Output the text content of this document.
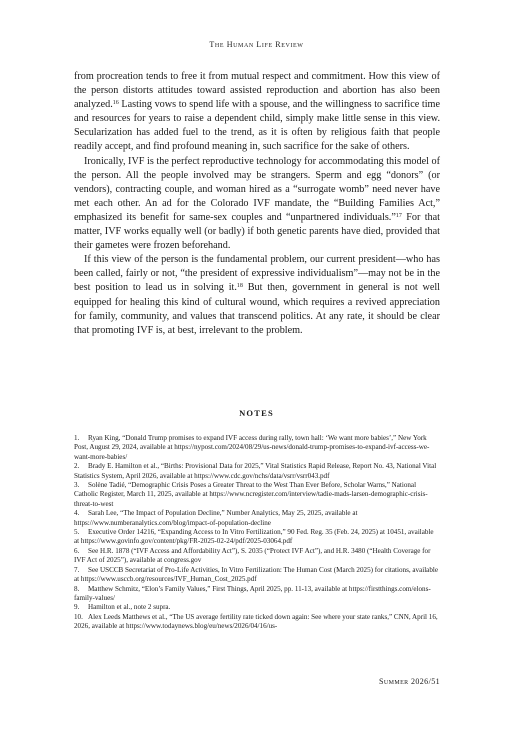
The Human Life Review

from procreation tends to free it from mutual respect and commitment. How this view of the person distorts attitudes toward assisted reproduction and abortion has also been analyzed.$^{16}$ Lasting vows to spend life with a spouse, and the willingness to sacrifice time and resources for years to raise a dependent child, simply make little sense in this view. Secularization has added fuel to the trend, as it is often by religious faith that people readily accept, and find profound meaning in, such sacrifice for the sake of others.

Ironically, IVF is the perfect reproductive technology for accommodating this model of the person. All the people involved may be strangers. Sperm and egg “donors” (or vendors), contracting couple, and woman hired as a “surrogate womb” need never have met each other. An ad for the Colorado IVF mandate, the “Building Families Act,” emphasized its benefit for same-sex couples and “unpartnered individuals.”$^{17}$ For that matter, IVF works equally well (or badly) if both genetic parents have died, provided that their gametes were frozen beforehand.

If this view of the person is the fundamental problem, our current president—who has been called, fairly or not, “the president of expressive individualism”—may not be in the best position to lead us in solving it.$^{18}$ But then, government in general is not well equipped for healing this kind of cultural wound, which requires a revived appreciation for family, community, and values that transcend politics. At any rate, it should be clear that promoting IVF is, at best, irrelevant to the problem.

NOTES

1. Ryan King, “Donald Trump promises to expand IVF access during rally, town hall: ‘We want more babies’,” New York Post, August 29, 2024, available at https://nypost.com/2024/08/29/us-news/donald-trump-promises-to-expand-ivf-access-we-want-more-babies/

2. Brady E. Hamilton et al., “Births: Provisional Data for 2025,” Vital Statistics Rapid Release, Report No. 43, National Vital Statistics System, April 2026, available at https://www.cdc.gov/nchs/data/vsrr/vsrr043.pdf

3. Solène Tadié, “Demographic Crisis Poses a Greater Threat to the West Than Ever Before, Scholar Warns,” National Catholic Register, March 11, 2025, available at https://www.ncregister.com/interview/tadie-mads-larsen-demographic-crisis-threat-to-west

4. Sarah Lee, “The Impact of Population Decline,” Number Analytics, May 25, 2025, available at https://www.numberanalytics.com/blog/impact-of-population-decline

5. Executive Order 14216, “Expanding Access to In Vitro Fertilization,” 90 Fed. Reg. 35 (Feb. 24, 2025) at 10451, available at https://www.govinfo.gov/content/pkg/FR-2025-02-24/pdf/2025-03064.pdf

6. See H.R. 1878 (“IVF Access and Affordability Act”), S. 2035 (“Protect IVF Act”), and H.R. 3480 (“Health Coverage for IVF Act of 2025”), available at congress.gov

7. See USCCB Secretariat of Pro-Life Activities, In Vitro Fertilization: The Human Cost (March 2025) for citations, available at https://www.usccb.org/resources/IVF_Human_Cost_2025.pdf

8. Matthew Schmitz, “Elon’s Family Values,” First Things, April 2025, pp. 11-13, available at https://firstthings.com/elons-family-values/

9. Hamilton et al., note 2 supra.

10. Alex Leeds Matthews et al., “The US average fertility rate ticked down again: See where your state ranks,” CNN, April 16, 2026, available at https://www.todaynews.blog/eu/news/2026/04/16/us-

Summer 2026/51
